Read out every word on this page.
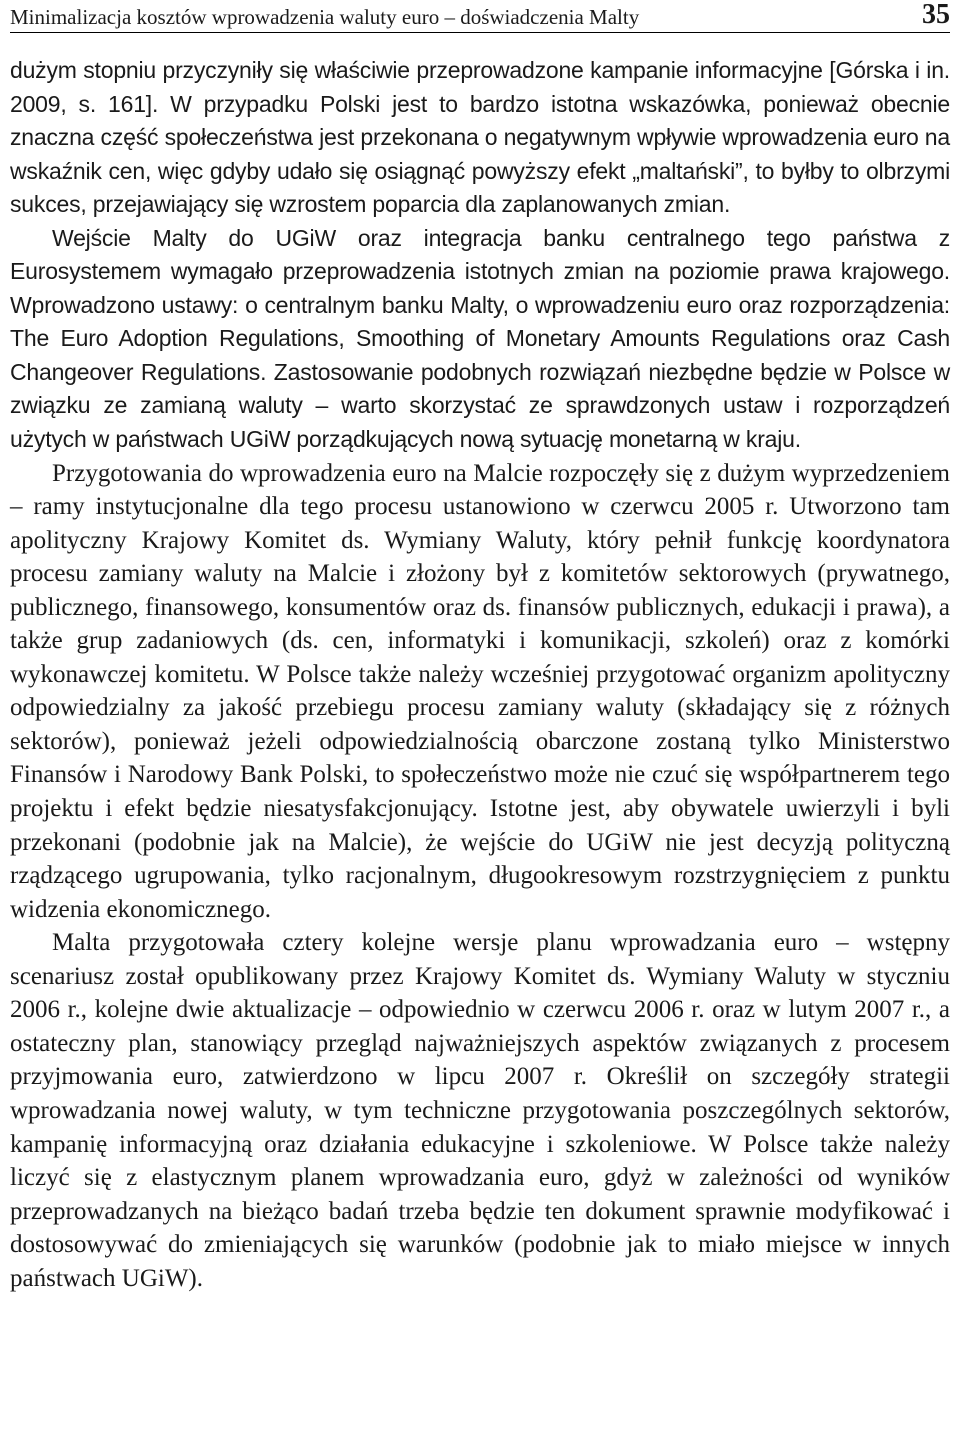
Minimalizacja kosztów wprowadzenia waluty euro – doświadczenia Malty	35

dużym stopniu przyczyniły się właściwie przeprowadzone kampanie informacyjne [Górska i in. 2009, s. 161]. W przypadku Polski jest to bardzo istotna wskazówka, ponieważ obecnie znaczna część społeczeństwa jest przekonana o negatywnym wpływie wprowadzenia euro na wskaźnik cen, więc gdyby udało się osiągnąć powyższy efekt „maltański”, to byłby to olbrzymi sukces, przejawiający się wzrostem poparcia dla zaplanowanych zmian.

Wejście Malty do UGiW oraz integracja banku centralnego tego państwa z Eurosystemem wymagało przeprowadzenia istotnych zmian na poziomie prawa krajowego. Wprowadzono ustawy: o centralnym banku Malty, o wprowadzeniu euro oraz rozporządzenia: The Euro Adoption Regulations, Smoothing of Monetary Amounts Regulations oraz Cash Changeover Regulations. Zastosowanie podobnych rozwiązań niezbędne będzie w Polsce w związku ze zamianą waluty – warto skorzystać ze sprawdzonych ustaw i rozporządzeń użytych w państwach UGiW porządkujących nową sytuację monetarną w kraju.

Przygotowania do wprowadzenia euro na Malcie rozpoczęły się z dużym wyprzedzeniem – ramy instytucjonalne dla tego procesu ustanowiono w czerwcu 2005 r. Utworzono tam apolityczny Krajowy Komitet ds. Wymiany Waluty, który pełnił funkcję koordynatora procesu zamiany waluty na Malcie i złożony był z komitetów sektorowych (prywatnego, publicznego, finansowego, konsumentów oraz ds. finansów publicznych, edukacji i prawa), a także grup zadaniowych (ds. cen, informatyki i komunikacji, szkoleń) oraz z komórki wykonawczej komitetu. W Polsce także należy wcześniej przygotować organizm apolityczny odpowiedzialny za jakość przebiegu procesu zamiany waluty (składający się z różnych sektorów), ponieważ jeżeli odpowiedzialnością obarczone zostaną tylko Ministerstwo Finansów i Narodowy Bank Polski, to społeczeństwo może nie czuć się współpartnerem tego projektu i efekt będzie niesatysfakcjonujący. Istotne jest, aby obywatele uwierzyli i byli przekonani (podobnie jak na Malcie), że wejście do UGiW nie jest decyzją polityczną rządzącego ugrupowania, tylko racjonalnym, długookresowym rozstrzygnięciem z punktu widzenia ekonomicznego.

Malta przygotowała cztery kolejne wersje planu wprowadzania euro – wstępny scenariusz został opublikowany przez Krajowy Komitet ds. Wymiany Waluty w styczniu 2006 r., kolejne dwie aktualizacje – odpowiednio w czerwcu 2006 r. oraz w lutym 2007 r., a ostateczny plan, stanowiący przegląd najważniejszych aspektów związanych z procesem przyjmowania euro, zatwierdzono w lipcu 2007 r. Określił on szczegóły strategii wprowadzania nowej waluty, w tym techniczne przygotowania poszczególnych sektorów, kampanię informacyjną oraz działania edukacyjne i szkoleniowe. W Polsce także należy liczyć się z elastycznym planem wprowadzania euro, gdyż w zależności od wyników przeprowadzanych na bieżąco badań trzeba będzie ten dokument sprawnie modyfikować i dostosowywać do zmieniających się warunków (podobnie jak to miało miejsce w innych państwach UGiW).
